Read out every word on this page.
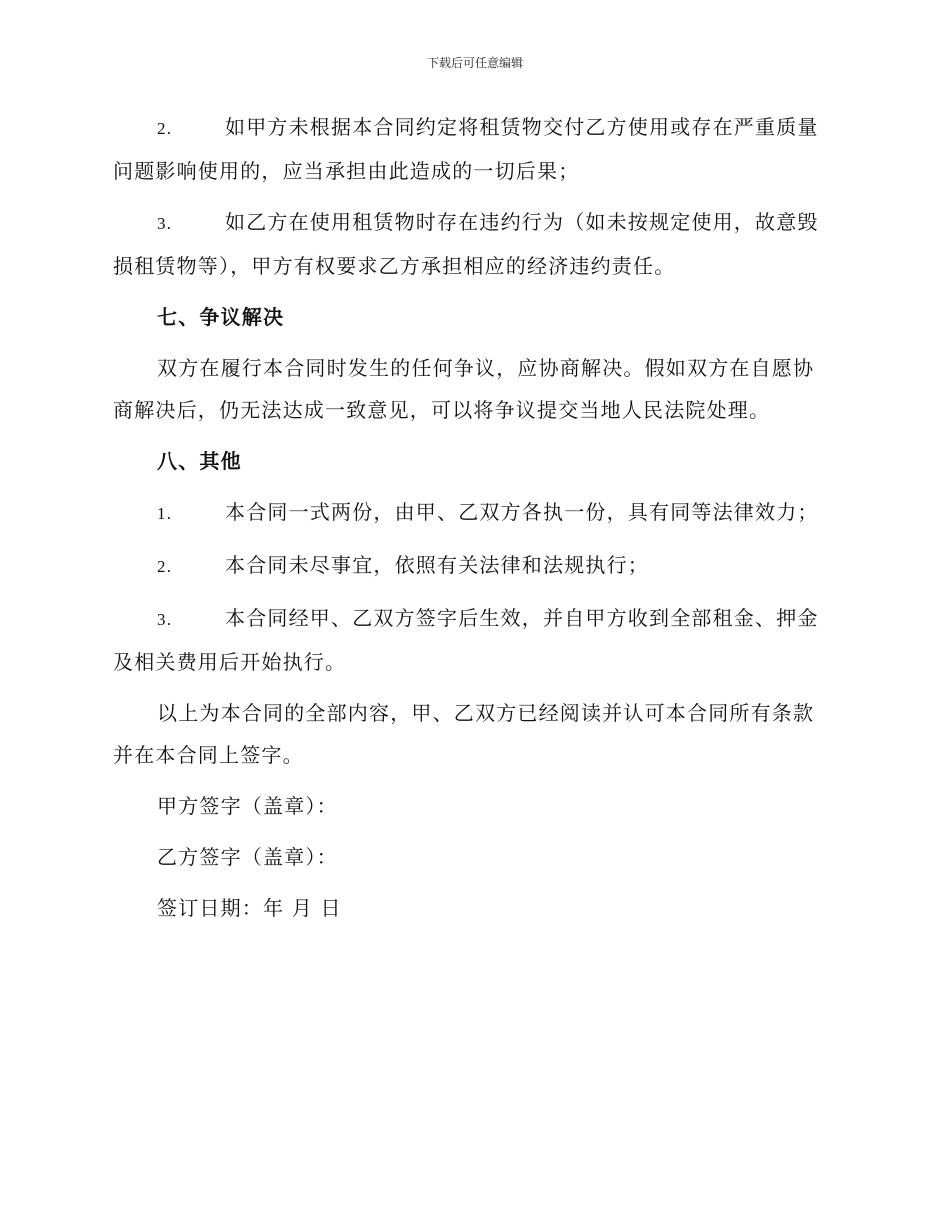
下载后可任意编辑

2.	如甲方未根据本合同约定将租赁物交付乙方使用或存在严重质量问题影响使用的，应当承担由此造成的一切后果；

3.	如乙方在使用租赁物时存在违约行为（如未按规定使用，故意毁损租赁物等），甲方有权要求乙方承担相应的经济违约责任。

七、争议解决

双方在履行本合同时发生的任何争议，应协商解决。假如双方在自愿协商解决后，仍无法达成一致意见，可以将争议提交当地人民法院处理。

八、其他

1.	本合同一式两份，由甲、乙双方各执一份，具有同等法律效力；

2.	本合同未尽事宜，依照有关法律和法规执行；

3.	本合同经甲、乙双方签字后生效，并自甲方收到全部租金、押金及相关费用后开始执行。

以上为本合同的全部内容，甲、乙双方已经阅读并认可本合同所有条款并在本合同上签字。

甲方签字（盖章）：

乙方签字（盖章）：

签订日期：年 月 日
